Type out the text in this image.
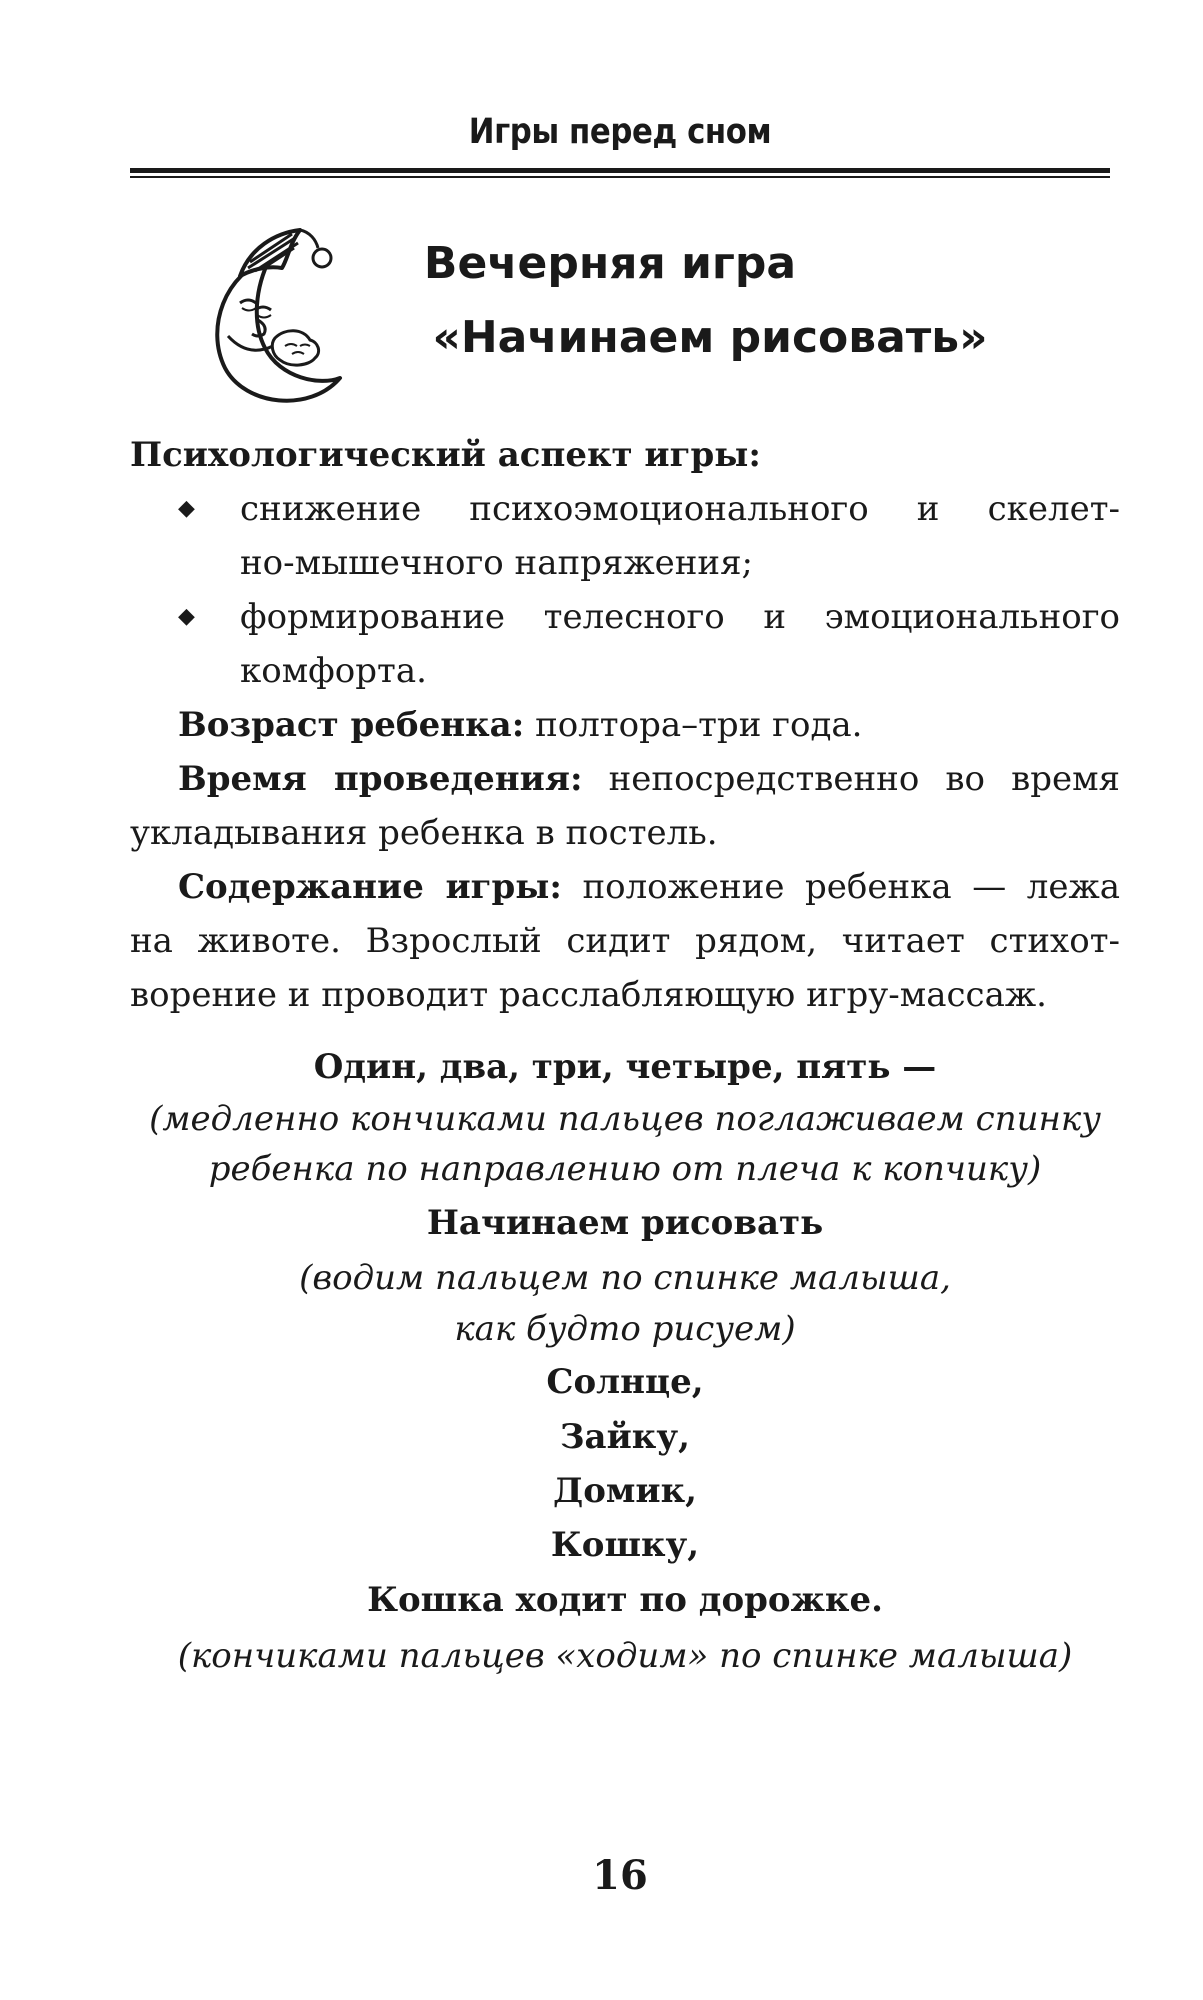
Игры перед сном
Вечерняя игра
«Начинаем рисовать»
Психологический аспект игры:
◆ снижение психоэмоционального и скелет-
но-мышечного напряжения;
◆ формирование телесного и эмоционального
комфорта.
Возраст ребенка: полтора–три года.
Время проведения: непосредственно во время
укладывания ребенка в постель.
Содержание игры: положение ребенка — лежа
на животе. Взрослый сидит рядом, читает стихот-
ворение и проводит расслабляющую игру-массаж.
Один, два, три, четыре, пять —
(медленно кончиками пальцев поглаживаем спинку
ребенка по направлению от плеча к копчику)
Начинаем рисовать
(водим пальцем по спинке малыша,
как будто рисуем)
Солнце,
Зайку,
Домик,
Кошку,
Кошка ходит по дорожке.
(кончиками пальцев «ходим» по спинке малыша)
16
